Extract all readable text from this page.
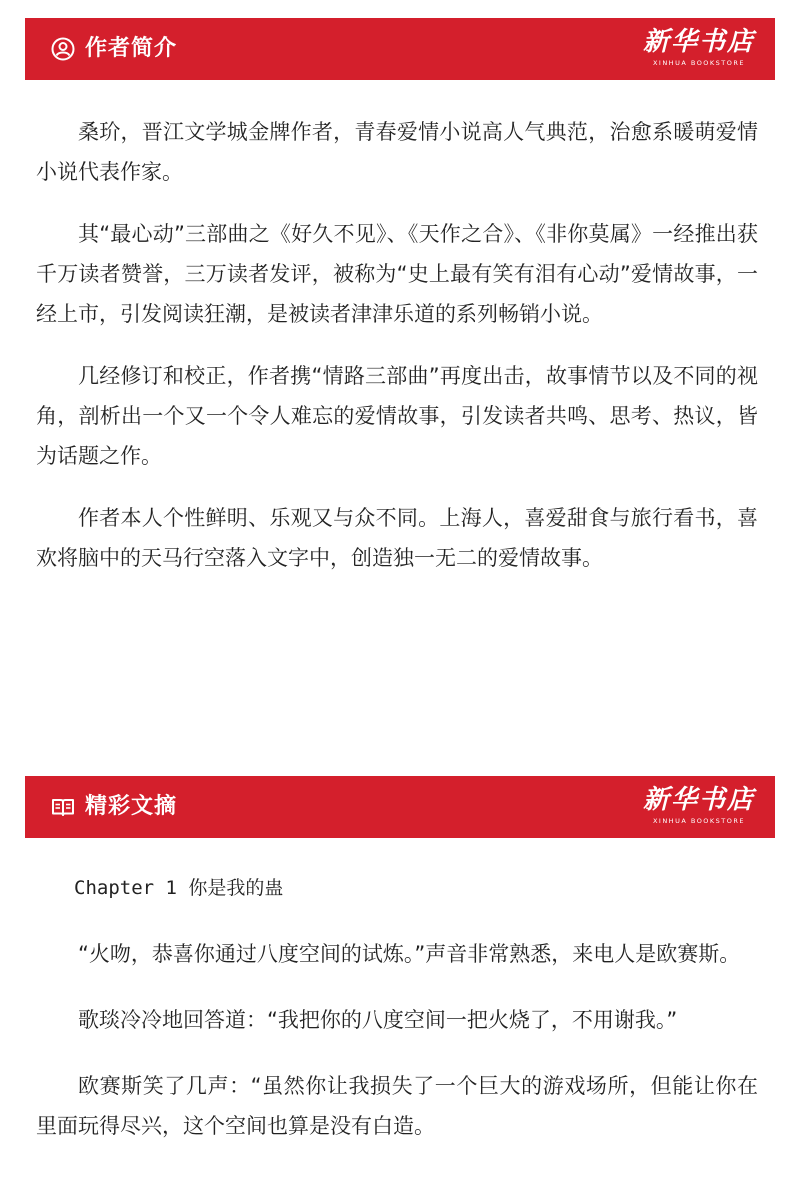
作者简介	新华书店
XINHUA BOOKSTORE

桑玠，晋江文学城金牌作者，青春爱情小说高人气典范，治愈系暖萌爱情小说代表作家。

其“最心动”三部曲之《好久不见》、《天作之合》、《非你莫属》一经推出获千万读者赞誉，三万读者发评，被称为“史上最有笑有泪有心动”爱情故事，一经上市，引发阅读狂潮，是被读者津津乐道的系列畅销小说。

几经修订和校正，作者携“情路三部曲”再度出击，故事情节以及不同的视角，剖析出一个又一个令人难忘的爱情故事，引发读者共鸣、思考、热议，皆为话题之作。

作者本人个性鲜明、乐观又与众不同。上海人，喜爱甜食与旅行看书，喜欢将脑中的天马行空落入文字中，创造独一无二的爱情故事。

精彩文摘	新华书店
XINHUA BOOKSTORE

Chapter 1 你是我的蛊

“火吻，恭喜你通过八度空间的试炼。”声音非常熟悉，来电人是欧赛斯。

歌琰冷冷地回答道：“我把你的八度空间一把火烧了，不用谢我。”

欧赛斯笑了几声：“虽然你让我损失了一个巨大的游戏场所，但能让你在里面玩得尽兴，这个空间也算是没有白造。
